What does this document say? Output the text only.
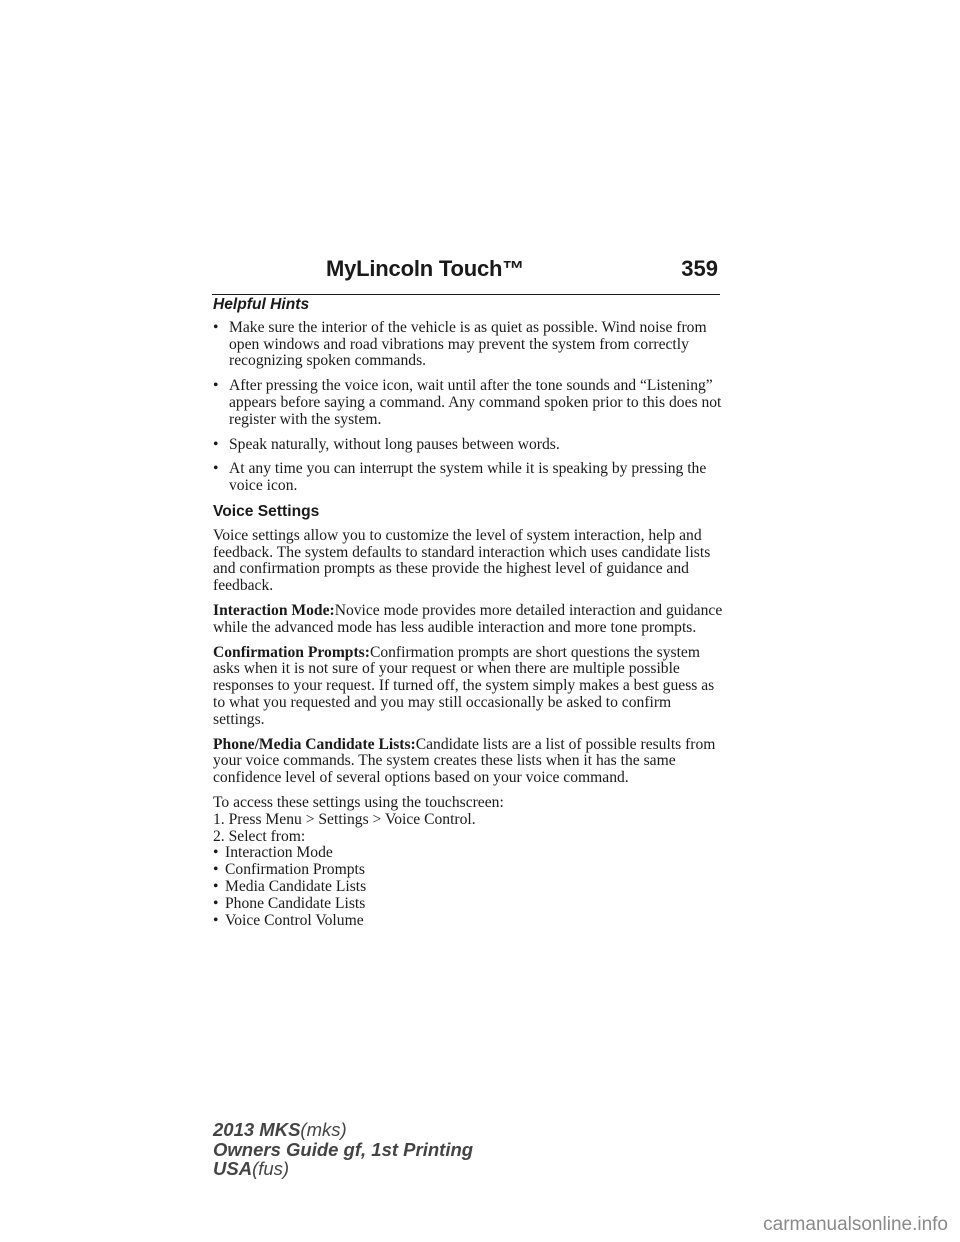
MyLincoln Touch™	359
Helpful Hints
• Make sure the interior of the vehicle is as quiet as possible. Wind noise from open windows and road vibrations may prevent the system from correctly recognizing spoken commands.
• After pressing the voice icon, wait until after the tone sounds and “Listening” appears before saying a command. Any command spoken prior to this does not register with the system.
• Speak naturally, without long pauses between words.
• At any time you can interrupt the system while it is speaking by pressing the voice icon.
Voice Settings

Voice settings allow you to customize the level of system interaction, help and feedback. The system defaults to standard interaction which uses candidate lists and confirmation prompts as these provide the highest level of guidance and feedback.

Interaction Mode:Novice mode provides more detailed interaction and guidance while the advanced mode has less audible interaction and more tone prompts.

Confirmation Prompts:Confirmation prompts are short questions the system asks when it is not sure of your request or when there are multiple possible responses to your request. If turned off, the system simply makes a best guess as to what you requested and you may still occasionally be asked to confirm settings.

Phone/Media Candidate Lists:Candidate lists are a list of possible results from your voice commands. The system creates these lists when it has the same confidence level of several options based on your voice command.

To access these settings using the touchscreen:
1. Press Menu > Settings > Voice Control.
2. Select from:
• Interaction Mode
• Confirmation Prompts
• Media Candidate Lists
• Phone Candidate Lists
• Voice Control Volume
2013 MKS(mks)
Owners Guide gf, 1st Printing
USA(fus)
carmanualsonline.info
